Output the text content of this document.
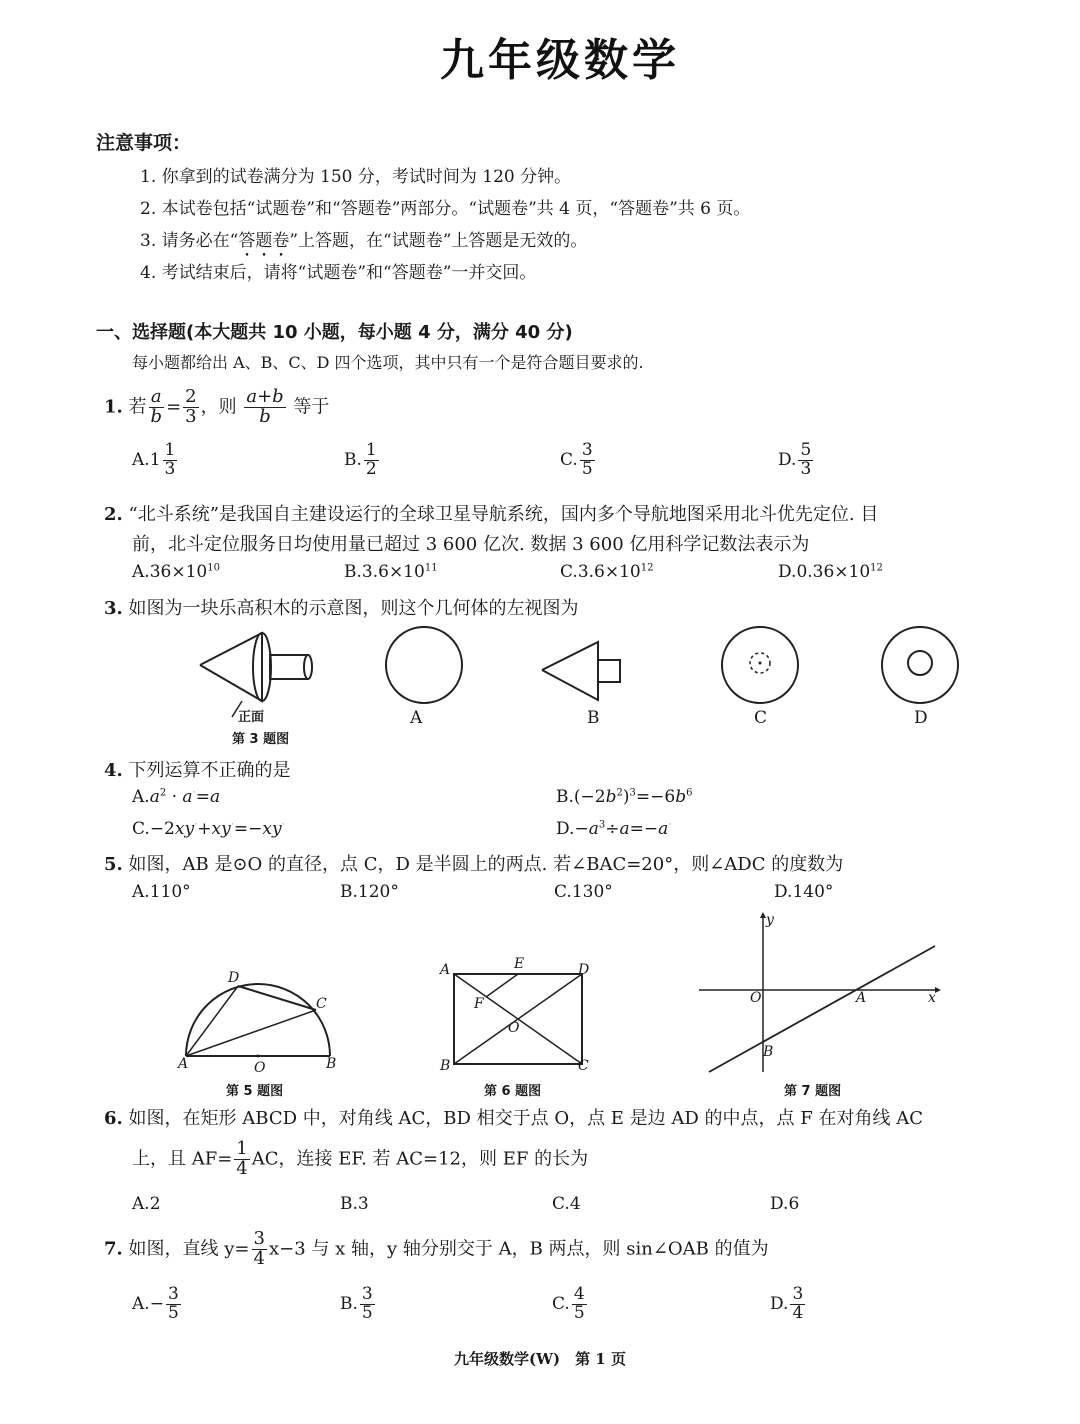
九年级数学
注意事项：
1. 你拿到的试卷满分为 150 分，考试时间为 120 分钟。
2. 本试卷包括“试题卷”和“答题卷”两部分。“试题卷”共 4 页，“答题卷”共 6 页。
3. 请务必在“答题卷”上答题，在“试题卷”上答题是无效的。
4. 考试结束后，请将“试题卷”和“答题卷”一并交回。
一、选择题(本大题共 10 小题，每小题 4 分，满分 40 分)
每小题都给出 A、B、C、D 四个选项，其中只有一个是符合题目要求的.
1. 若 $\frac{a}{b} = \frac{2}{3}$ ，则 $\frac{a+b}{b}$ 等于
$A.1 \frac{1}{3}$	B. $\frac{1}{2}$	C. $\frac{3}{5}$	D. $\frac{5}{3}$
2. “北斗系统”是我国自主建设运行的全球卫星导航系统，国内多个导航地图采用北斗优先定位. 目
前，北斗定位服务日均使用量已超过 3 600 亿次. 数据 3 600 亿用科学记数法表示为
$A.36\times 10^{10}$	$B.3.6\times 10^{11}$	$C.3.6\times 10^{12}$	$D.0.36\times 10^{12}$
3. 如图为一块乐高积木的示意图，则这个几何体的左视图为
正面
第 3 题图
A	B	C	D
4. 下列运算不正确的是
$A.a^2 \cdot a^\cdot=a$	$B.(-2b^2)^3=-6b^6$
C.−2xy·+xy·=−xy·	$D.-a^3\div a=-a^\cdot$
5. 如图，AB 是⊙O 的直径，点 C，D 是半圆上的两点. 若∠BAC=20°，则∠ADC 的度数为
A.110°	B.120°	C.130°	D.140°
A	B
C
D
O
第 5 题图
A
B	C
D
E
F
O
第 6 题图
y
x
O	A
B
第 7 题图
6. 如图，在矩形 ABCD 中，对角线 AC，BD 相交于点 O，点 E 是边 AD 的中点，点 F 在对角线 AC
上，且 $AF= \frac{1}{4}$ AC，连接 EF. 若 AC=12，则 EF 的长为
A.2	B.3	C.4	D.6
7. 如图，直线 $y= \frac{3}{4} x-3$ 与 x 轴，y 轴分别交于 A，B 两点，则 sin∠OAB 的值为
$A.- \frac{3}{5}$	B. $\frac{3}{5}$	C. $\frac{4}{5}$	D. $\frac{3}{4}$
九年级数学(W)　第 1 页
